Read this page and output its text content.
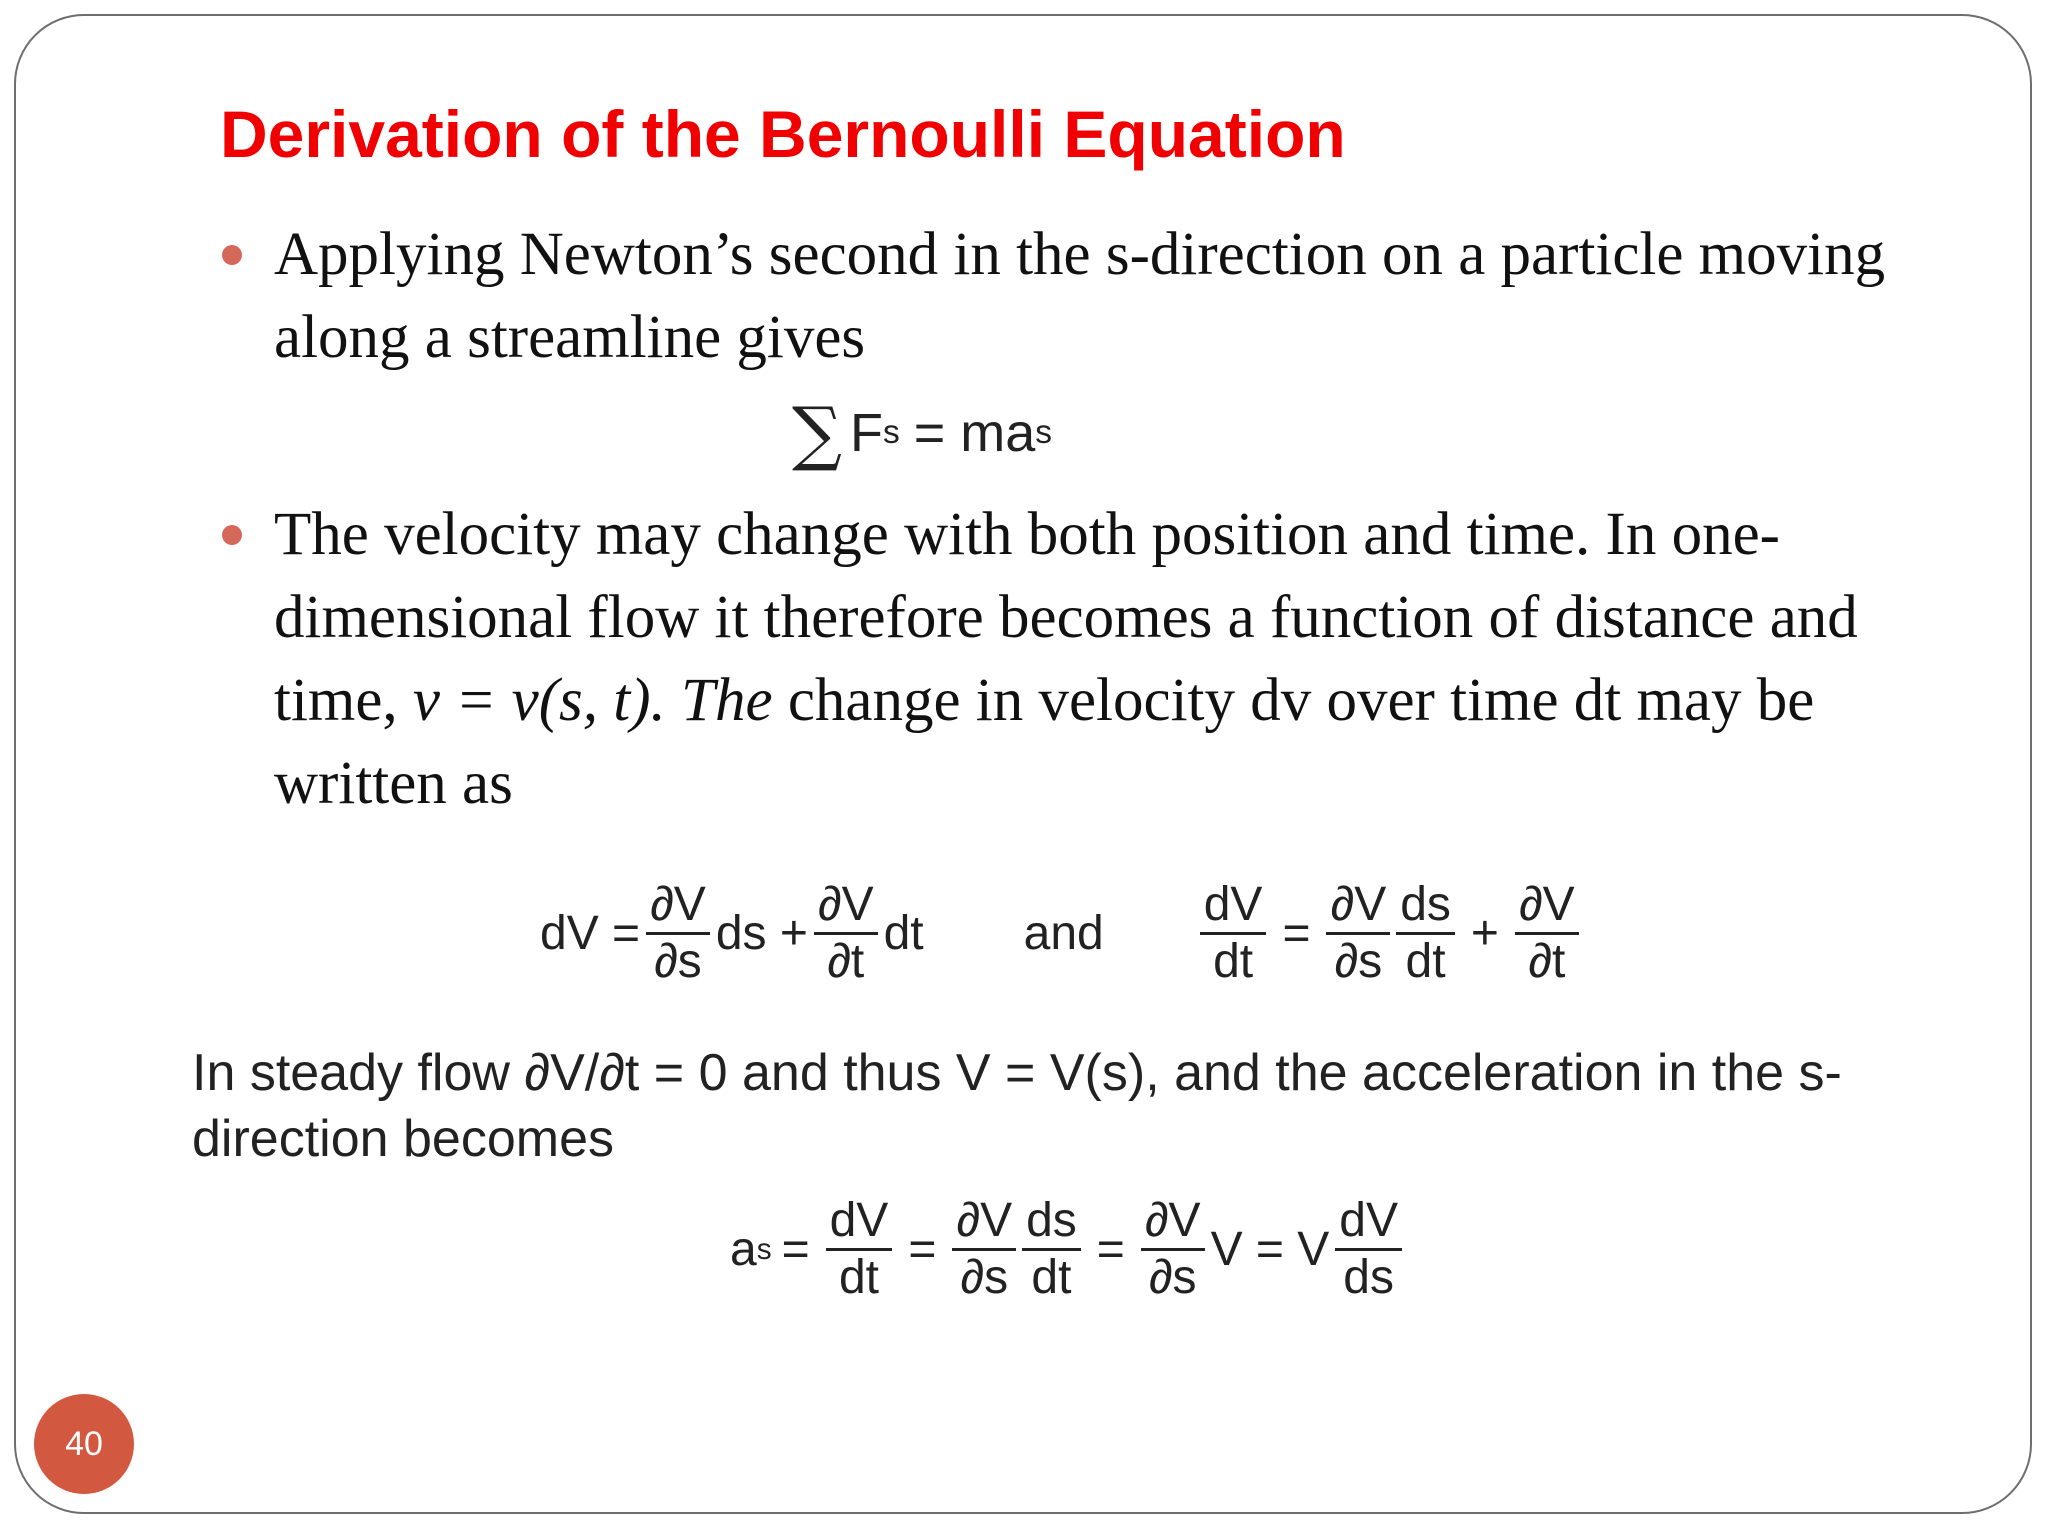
Derivation of the Bernoulli Equation

Applying Newton’s second in the s-direction on a particle moving along a streamline gives

∑ F s = ma s

The velocity may change with both position and time. In one-dimensional flow it therefore becomes a function of distance and time, v = v(s, t). The change in velocity dv over time dt may be written as

dV = $\frac{\partial V}{\partial s}$ ds + $\frac{\partial V}{\partial t}$ dt and $\frac{dV}{dt} = \frac{\partial V}{\partial s} \frac{ds}{dt} + \frac{\partial V}{\partial t}$

In steady flow ∂V/∂t = 0 and thus V = V(s), and the acceleration in the s-direction becomes

a $s = \frac{dV}{dt} = \frac{\partial V}{\partial s} \frac{ds}{dt} = \frac{\partial V}{\partial s}$ V = V $\frac{dV}{ds}$
40
